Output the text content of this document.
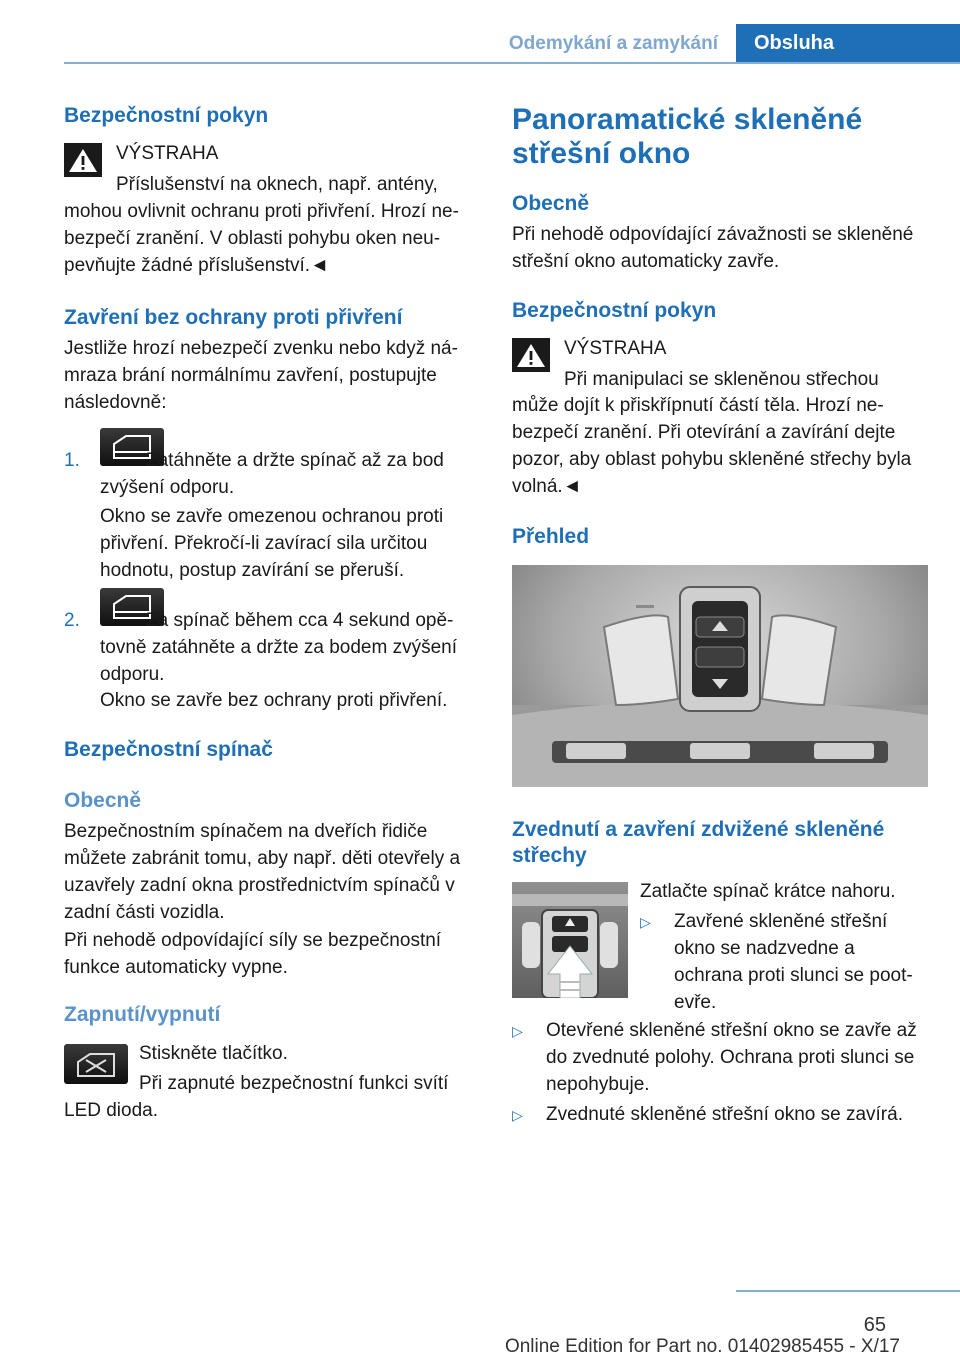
Odemykání a zamykání	Obsluha
Bezpečnostní pokyn
VÝSTRAHA
Příslušenství na oknech, např. antény,
mohou ovlivnit ochranu proti přivření. Hrozí ne‐ bezpečí zranění. V oblasti pohybu oken neu‐ pevňujte žádné příslušenství.◄
Zavření bez ochrany proti přivření
Jestliže hrozí nebezpečí zvenku nebo když ná‐ mraza brání normálnímu zavření, postupujte následovně:
1.	Zatáhněte a držte spínač až za bod
zvýšení odporu.
Okno se zavře omezenou ochranou proti přivření. Překročí-li zavírací sila určitou hodnotu, postup zavírání se přeruší.
2.	Za spínač během cca 4 sekund opě‐
tovně zatáhněte a držte za bodem zvýšení odporu.
Okno se zavře bez ochrany proti přivření.
Bezpečnostní spínač
Obecně
Bezpečnostním spínačem na dveřích řidiče můžete zabránit tomu, aby např. děti otevřely a uzavřely zadní okna prostřednictvím spínačů v zadní části vozidla.
Při nehodě odpovídající síly se bezpečnostní funkce automaticky vypne.
Zapnutí/vypnutí
Stiskněte tlačítko.
Při zapnuté bezpečnostní funkci svítí
LED dioda.
Panoramatické skleněné střešní okno
Obecně
Při nehodě odpovídající závažnosti se skleněné střešní okno automaticky zavře.
Bezpečnostní pokyn
VÝSTRAHA
Při manipulaci se skleněnou střechou
může dojít k přiskřípnutí částí těla. Hrozí ne‐ bezpečí zranění. Při otevírání a zavírání dejte pozor, aby oblast pohybu skleněné střechy byla volná.◄
Přehled
Zvednutí a zavření zdvižené skleněné střechy
Zatlačte spínač krátce nahoru.
▷ Zavřené skleněné střešní okno se nadzvedne a ochrana proti slunci se poot‐ evře.
▷ Otevřené skleněné střešní okno se zavře až do zvednuté polohy. Ochrana proti slunci se nepohybuje.
▷ Zvednuté skleněné střešní okno se zavírá.
65
Online Edition for Part no. 01402985455 - X/17
